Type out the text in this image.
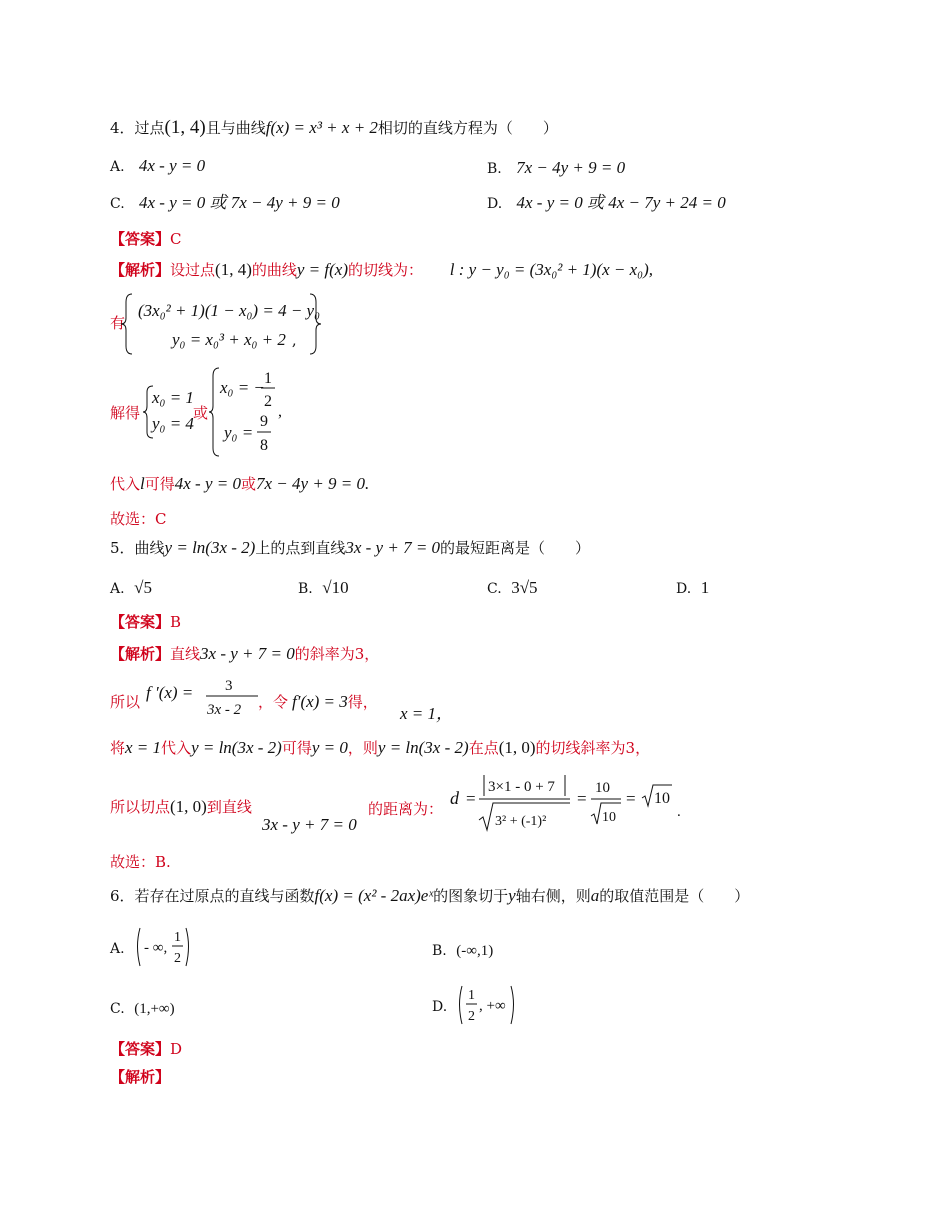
4．过点(1, 4)且与曲线f(x) = x³ + x + 2相切的直线方程为（　　）
A. 4x - y = 0	B. 7x − 4y + 9 = 0
C. 4x - y = 0 或 7x − 4y + 9 = 0	D. 4x - y = 0 或 4x − 7y + 24 = 0
【答案】C
【解析】设过点(1, 4)的曲线y = f(x)的切线为： l : y − y₀ = (3x₀² + 1)(x − x₀),
有
(3x₀² + 1)(1 − x₀) = 4 − y₀
y₀ = x₀³ + x₀ + 2 ,
解得
x₀ = 1
y₀ = 4
或
x₀ = − 1
2
y₀ =
9
8
,
代入l可得4x - y = 0或7x − 4y + 9 = 0.
故选：C
5．曲线y = ln(3x - 2)上的点到直线3x - y + 7 = 0的最短距离是（　　）
A. √5	B. √10	C. 3√5	D. 1
【答案】B
【解析】直线3x - y + 7 = 0的斜率为3，
所以 f ′(x) = 3
3x - 2 ，令 f′(x) = 3得，
x = 1，
将x = 1代入y = ln(3x - 2)可得y = 0，则y = ln(3x - 2)在点(1, 0)的切线斜率为3，
所以切点(1, 0)到直线
3x - y + 7 = 0
的距离为：
d =
3×1 - 0 + 7
3² + (-1)²
=
10
10
= 10
.
故选：B.
6．若存在过原点的直线与函数f(x) = (x² - 2ax)eˣ的图象切于y轴右侧，则a的取值范围是（　　）
A. - ∞,
1
2	B. (-∞,1)
C. (1,+∞)	D.
1
2
, +∞
【答案】D
【解析】
